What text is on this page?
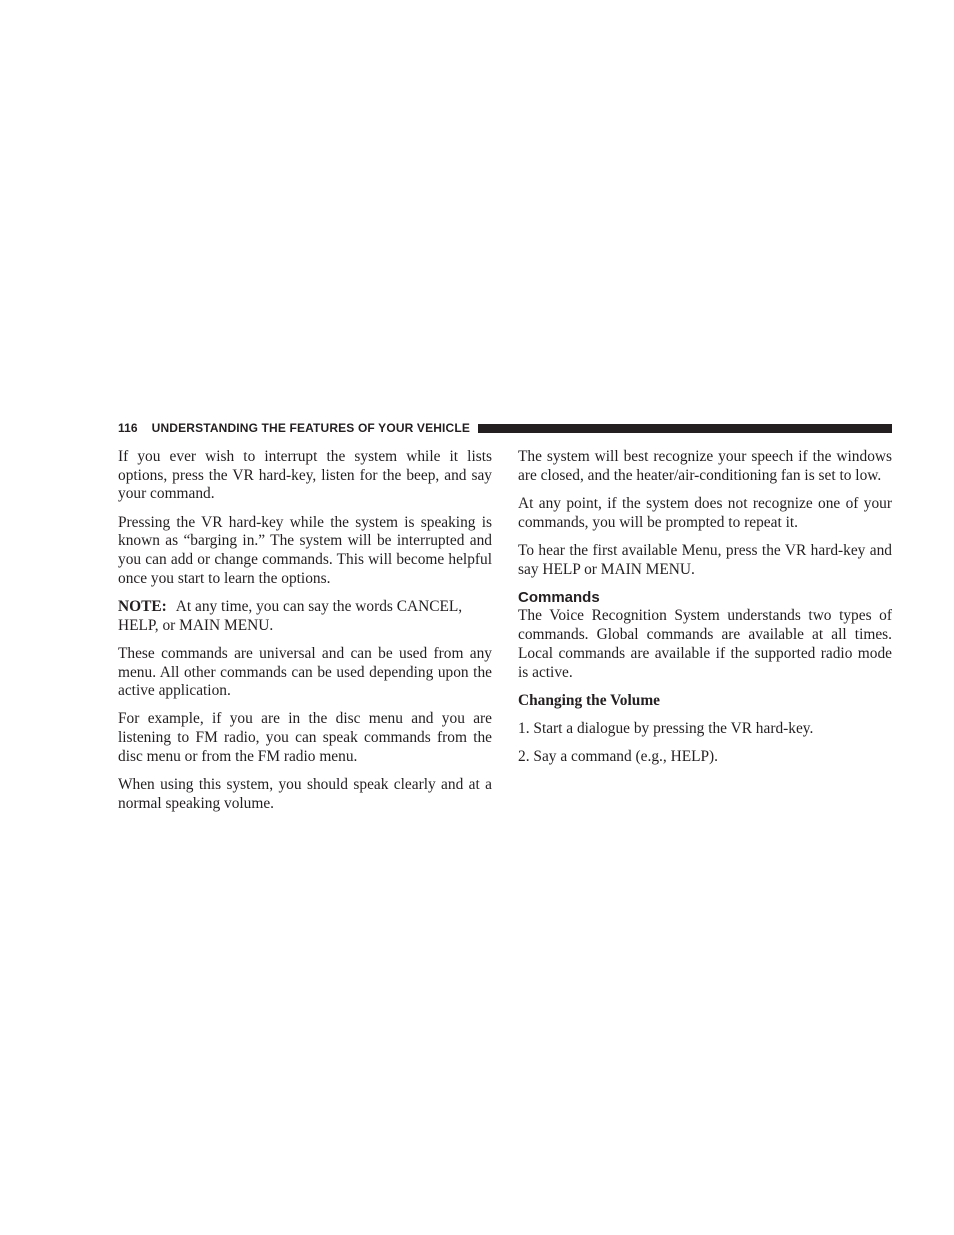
116 UNDERSTANDING THE FEATURES OF YOUR VEHICLE

If you ever wish to interrupt the system while it lists options, press the VR hard-key, listen for the beep, and say your command.

Pressing the VR hard-key while the system is speaking is known as “barging in.” The system will be interrupted and you can add or change commands. This will become helpful once you start to learn the options.

NOTE: At any time, you can say the words CANCEL, HELP, or MAIN MENU.

These commands are universal and can be used from any menu. All other commands can be used depending upon the active application.

For example, if you are in the disc menu and you are listening to FM radio, you can speak commands from the disc menu or from the FM radio menu.

When using this system, you should speak clearly and at a normal speaking volume.

The system will best recognize your speech if the windows are closed, and the heater/air-conditioning fan is set to low.

At any point, if the system does not recognize one of your commands, you will be prompted to repeat it.

To hear the first available Menu, press the VR hard-key and say HELP or MAIN MENU.

Commands

The Voice Recognition System understands two types of commands. Global commands are available at all times. Local commands are available if the supported radio mode is active.

Changing the Volume
1. Start a dialogue by pressing the VR hard-key.
2. Say a command (e.g., HELP).
